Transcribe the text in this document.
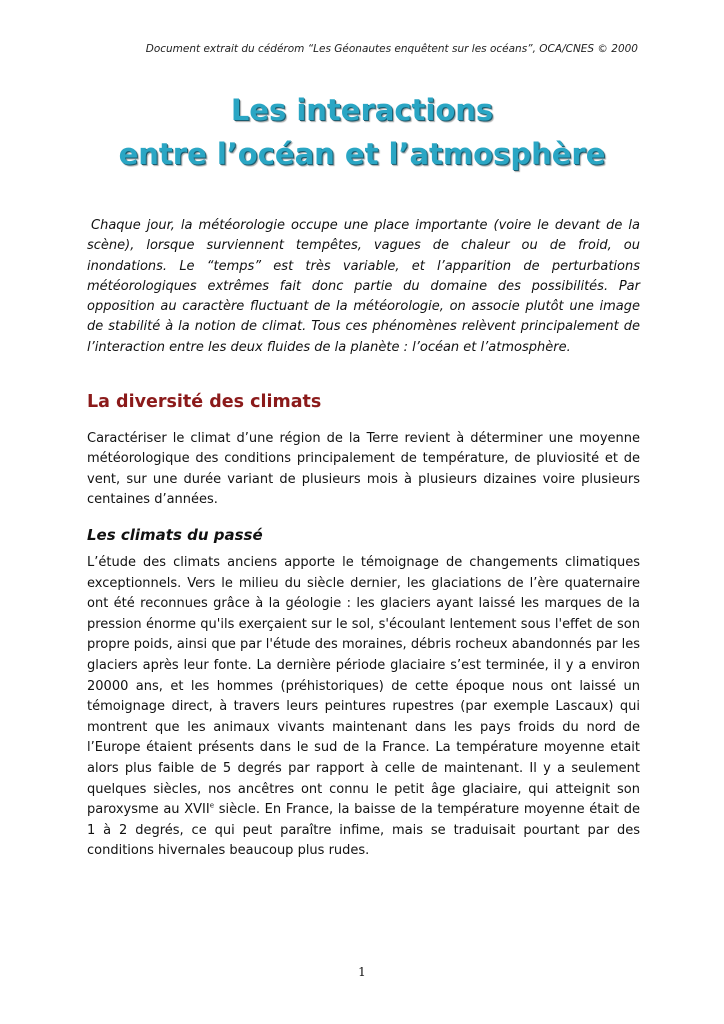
Document extrait du cédérom “Les Géonautes enquêtent sur les océans”, OCA/CNES © 2000
Les interactions
entre l’océan et l’atmosphère

Chaque jour, la météorologie occupe une place importante (voire le devant de la scène), lorsque surviennent tempêtes, vagues de chaleur ou de froid, ou inondations. Le “temps” est très variable, et l’apparition de perturbations météorologiques extrêmes fait donc partie du domaine des possibilités. Par opposition au caractère fluctuant de la météorologie, on associe plutôt une image de stabilité à la notion de climat. Tous ces phénomènes relèvent principalement de l’interaction entre les deux fluides de la planète : l’océan et l’atmosphère.

La diversité des climats

Caractériser le climat d’une région de la Terre revient à déterminer une moyenne météorologique des conditions principalement de température, de pluviosité et de vent, sur une durée variant de plusieurs mois à plusieurs dizaines voire plusieurs centaines d’années.

Les climats du passé

L’étude des climats anciens apporte le témoignage de changements climatiques exceptionnels. Vers le milieu du siècle dernier, les glaciations de l’ère quaternaire ont été reconnues grâce à la géologie : les glaciers ayant laissé les marques de la pression énorme qu'ils exerçaient sur le sol, s'écoulant lentement sous l'effet de son propre poids, ainsi que par l'étude des moraines, débris rocheux abandonnés par les glaciers après leur fonte. La dernière période glaciaire s’est terminée, il y a environ 20000 ans, et les hommes (préhistoriques) de cette époque nous ont laissé un témoignage direct, à travers leurs peintures rupestres (par exemple Lascaux) qui montrent que les animaux vivants maintenant dans les pays froids du nord de l’Europe étaient présents dans le sud de la France. La température moyenne etait alors plus faible de 5 degrés par rapport à celle de maintenant. Il y a seulement quelques siècles, nos ancêtres ont connu le petit âge glaciaire, qui atteignit son paroxysme au XVIIe siècle. En France, la baisse de la température moyenne était de 1 à 2 degrés, ce qui peut paraître infime, mais se traduisait pourtant par des conditions hivernales beaucoup plus rudes.

1
